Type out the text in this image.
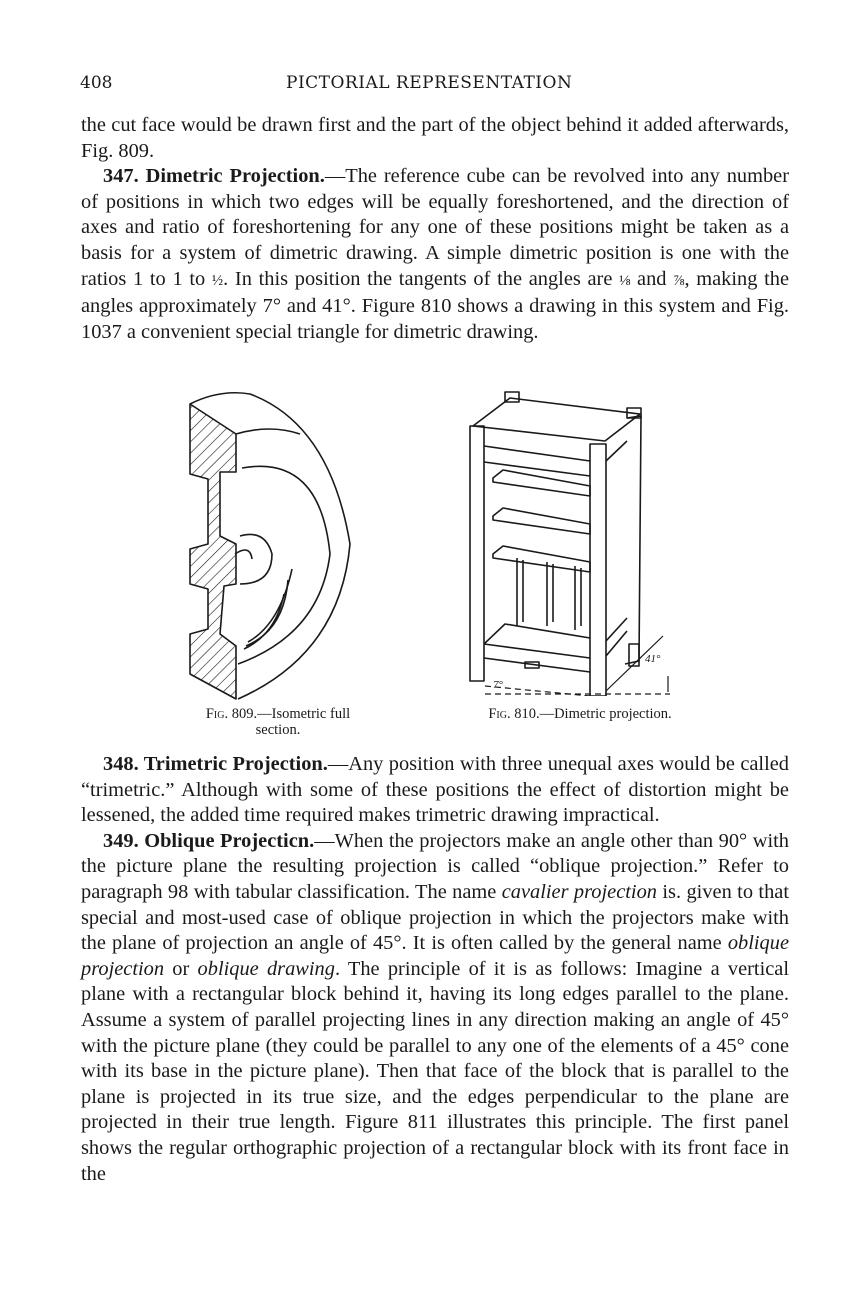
408	PICTORIAL REPRESENTATION

the cut face would be drawn first and the part of the object behind it added afterwards, Fig. 809.

347. Dimetric Projection.—The reference cube can be revolved into any number of positions in which two edges will be equally foreshortened, and the direction of axes and ratio of foreshortening for any one of these positions might be taken as a basis for a system of dimetric drawing. A simple dimetric position is one with the ratios 1 to 1 to ½. In this position the tangents of the angles are ⅛ and ⅞, making the angles approximately 7° and 41°. Figure 810 shows a drawing in this system and Fig. 1037 a convenient special triangle for dimetric drawing.

Fig. 809.—Isometric full section.
7°
41°
Fig. 810.—Dimetric projection.

348. Trimetric Projection.—Any position with three unequal axes would be called “trimetric.” Although with some of these positions the effect of distortion might be lessened, the added time required makes trimetric drawing impractical.

349. Oblique Projecticn.—When the projectors make an angle other than 90° with the picture plane the resulting projection is called “oblique projection.” Refer to paragraph 98 with tabular classification. The name cavalier projection is. given to that special and most-used case of oblique projection in which the projectors make with the plane of projection an angle of 45°. It is often called by the general name oblique projection or oblique drawing. The principle of it is as follows: Imagine a vertical plane with a rectangular block behind it, having its long edges parallel to the plane. Assume a system of parallel projecting lines in any direction making an angle of 45° with the picture plane (they could be parallel to any one of the elements of a 45° cone with its base in the picture plane). Then that face of the block that is parallel to the plane is projected in its true size, and the edges perpendicular to the plane are projected in their true length. Figure 811 illustrates this principle. The first panel shows the regular orthographic projection of a rectangular block with its front face in the
